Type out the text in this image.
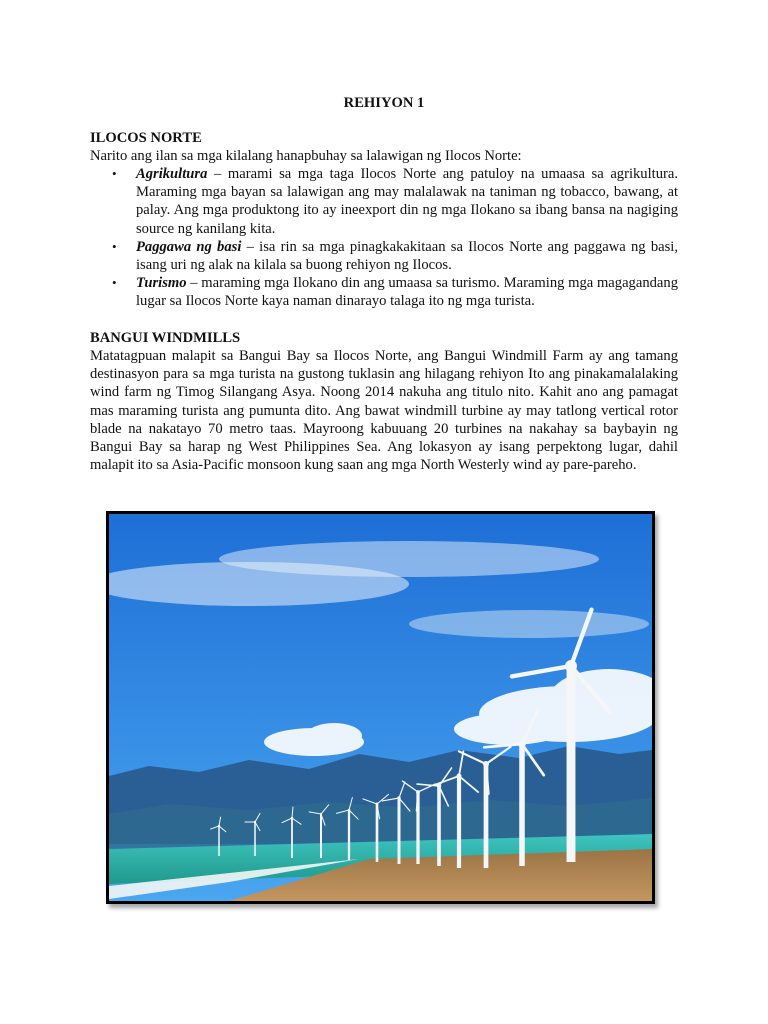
REHIYON 1
ILOCOS NORTE
Narito ang ilan sa mga kilalang hanapbuhay sa lalawigan ng Ilocos Norte:
• Agrikultura – marami sa mga taga Ilocos Norte ang patuloy na umaasa sa agrikultura. Maraming mga bayan sa lalawigan ang may malalawak na taniman ng tobacco, bawang, at palay. Ang mga produktong ito ay ineexport din ng mga Ilokano sa ibang bansa na nagiging source ng kanilang kita.
• Paggawa ng basi – isa rin sa mga pinagkakakitaan sa Ilocos Norte ang paggawa ng basi, isang uri ng alak na kilala sa buong rehiyon ng Ilocos.
• Turismo – maraming mga Ilokano din ang umaasa sa turismo. Maraming mga magagandang lugar sa Ilocos Norte kaya naman dinarayo talaga ito ng mga turista.
BANGUI WINDMILLS
Matatagpuan malapit sa Bangui Bay sa Ilocos Norte, ang Bangui Windmill Farm ay ang tamang destinasyon para sa mga turista na gustong tuklasin ang hilagang rehiyon Ito ang pinakamalalaking wind farm ng Timog Silangang Asya. Noong 2014 nakuha ang titulo nito. Kahit ano ang pamagat mas maraming turista ang pumunta dito. Ang bawat windmill turbine ay may tatlong vertical rotor blade na nakatayo 70 metro taas. Mayroong kabuuang 20 turbines na nakahay sa baybayin ng Bangui Bay sa harap ng West Philippines Sea. Ang lokasyon ay isang perpektong lugar, dahil malapit ito sa Asia-Pacific monsoon kung saan ang mga North Westerly wind ay pare-pareho.
